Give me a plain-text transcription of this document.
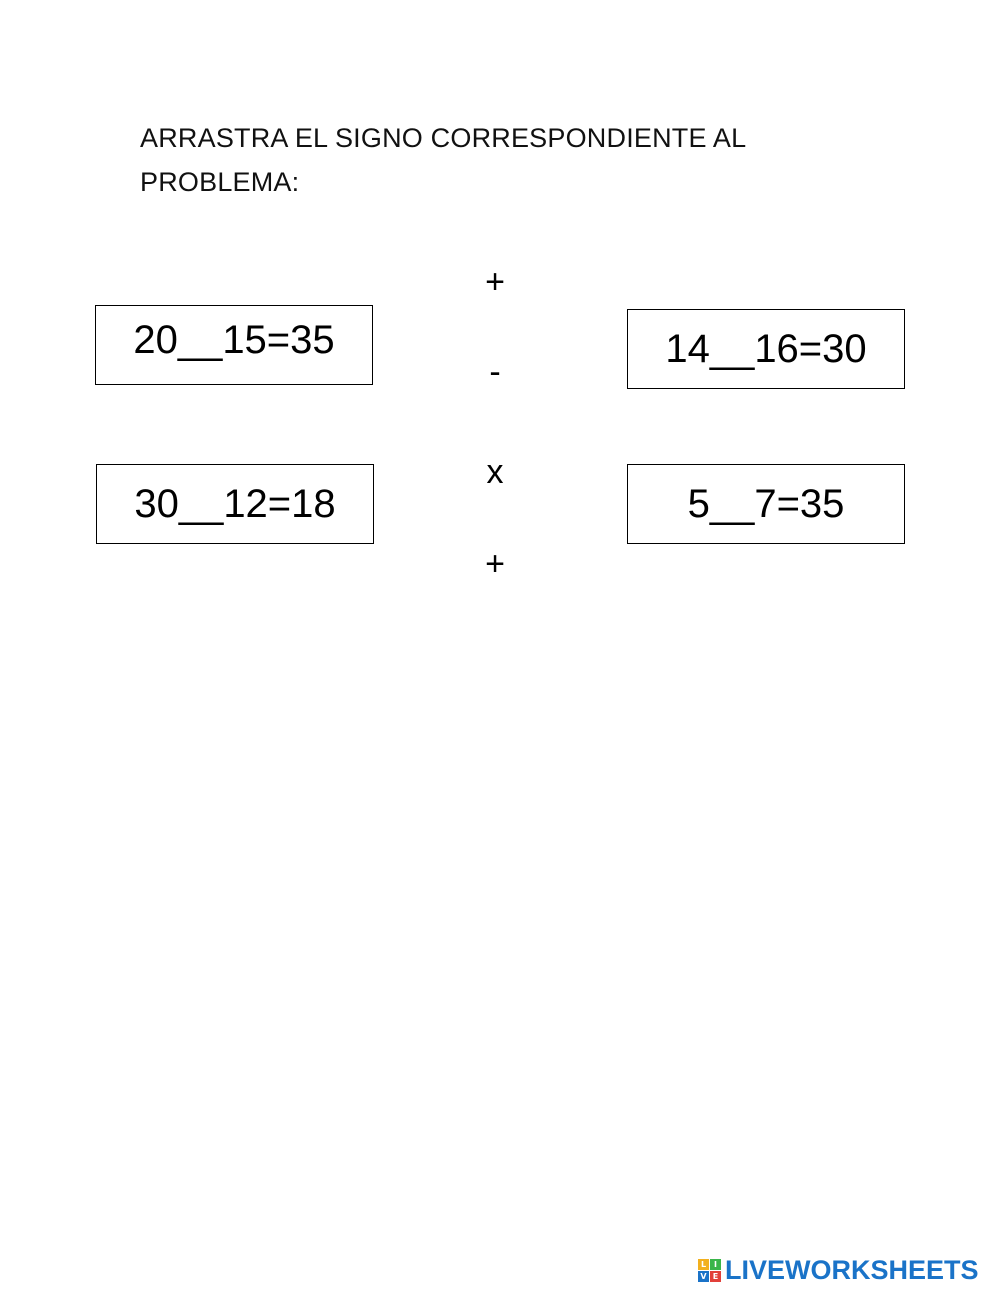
ARRASTRA EL SIGNO CORRESPONDIENTE AL
PROBLEMA:
20__15=35	14__16=30
30__12=18	5__7=35
+
-
x
+
L I
V E LIVEWORKSHEETS
